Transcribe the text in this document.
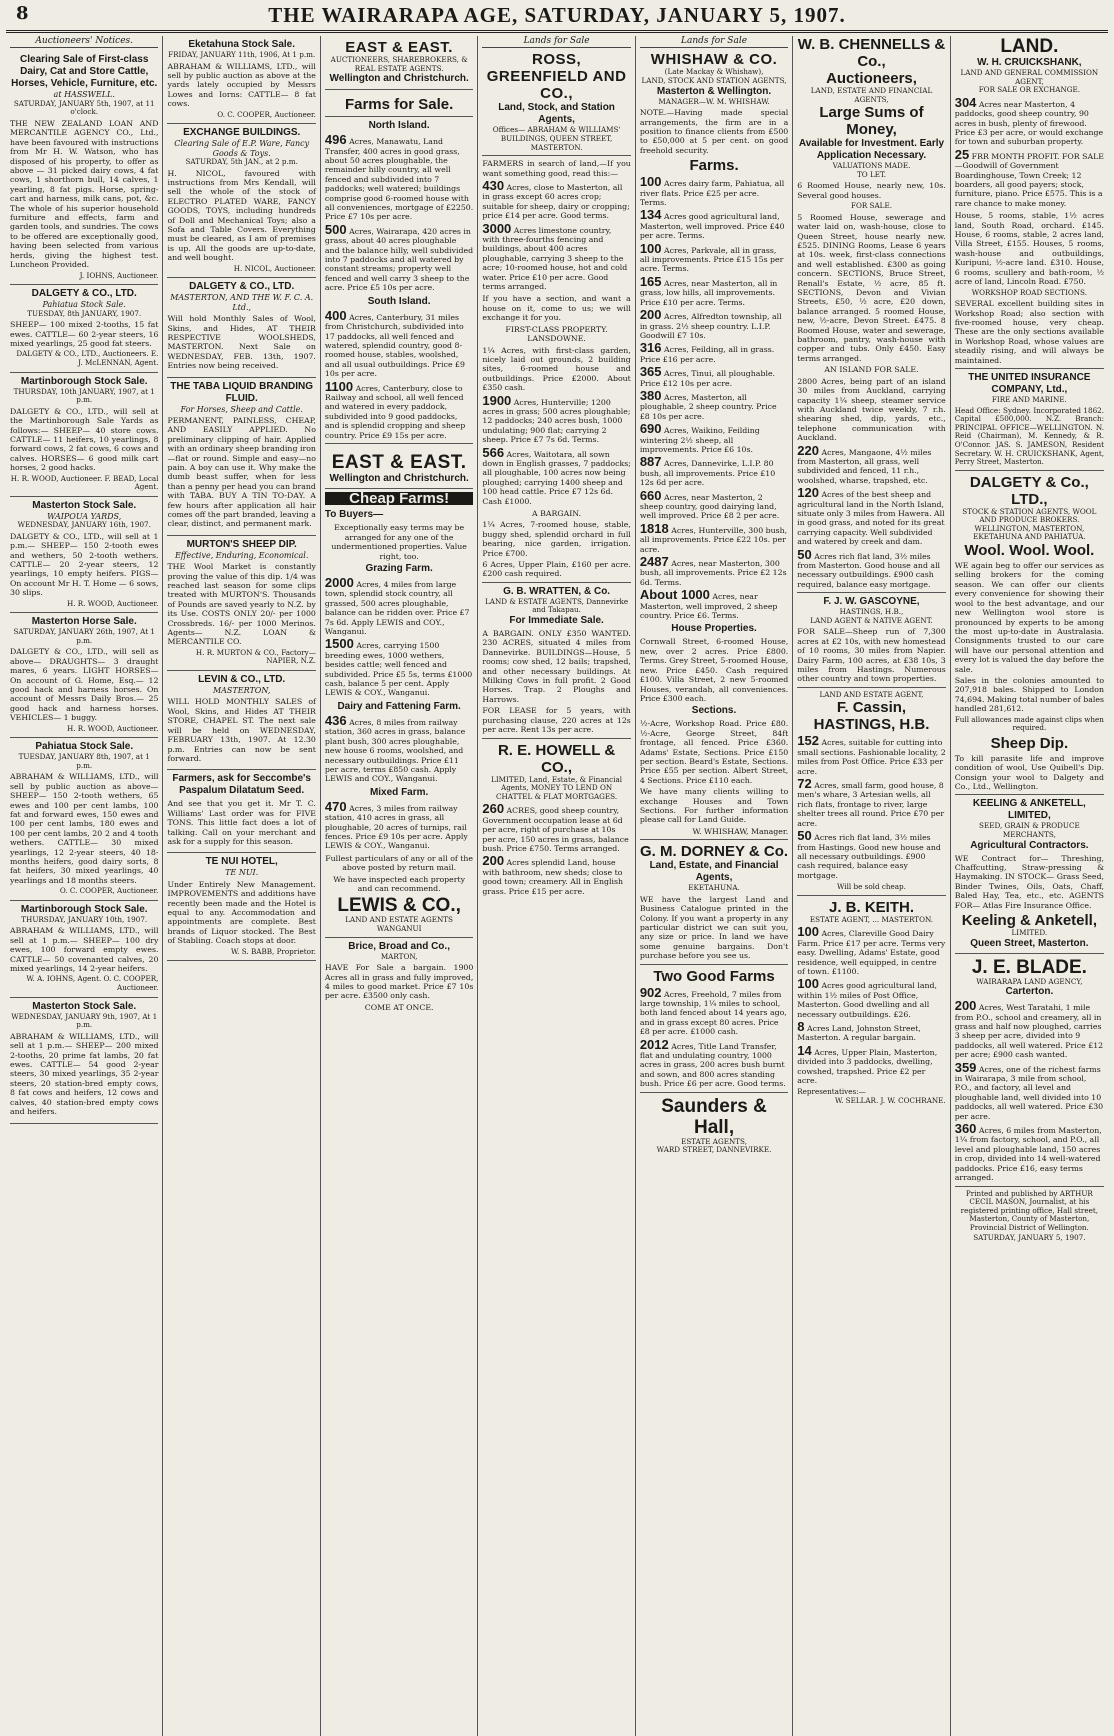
8	THE WAIRARAPA AGE, SATURDAY, JANUARY 5, 1907.
Auctioneers' Notices.
Clearing Sale of First-class Dairy, Cat and Store Cattle, Horses, Vehicle, Furniture, etc.
at HASSWELL.
SATURDAY, JANUARY 5th, 1907, at 11 o'clock.

THE NEW ZEALAND LOAN AND MERCANTILE AGENCY CO., Ltd., have been favoured with instructions from Mr H. W. Watson, who has disposed of his property, to offer as above — 31 picked dairy cows, 4 fat cows, 1 shorthorn bull, 14 calves, 1 yearling, 8 fat pigs. Horse, spring-cart and harness, milk cans, pot, &c. The whole of his superior household furniture and effects, farm and garden tools, and sundries. The cows to be offered are exceptionally good, having been selected from various herds, giving the highest test. Luncheon Provided.

J. IOHNS, Auctioneer.
DALGETY & CO., LTD.
Pahiatua Stock Sale.
TUESDAY, 8th JANUARY, 1907.

SHEEP— 100 mixed 2-tooths, 15 fat ewes. CATTLE— 60 2-year steers, 16 mixed yearlings, 25 good fat steers.

DALGETY & CO., LTD., Auctioneers. E. J. McLENNAN, Agent.
Martinborough Stock Sale.
THURSDAY, 10th JANUARY, 1907, at 1 p.m.

DALGETY & CO., LTD., will sell at the Martinborough Sale Yards as follows:— SHEEP— 40 store cows. CATTLE— 11 heifers, 10 yearlings, 8 forward cows, 2 fat cows, 6 cows and calves. HORSES— 6 good milk cart horses, 2 good hacks.

H. R. WOOD, Auctioneer. F. BEAD, Local Agent.
Masterton Stock Sale.
WAIPOUA YARDS,
WEDNESDAY, JANUARY 16th, 1907.

DALGETY & CO., LTD., will sell at 1 p.m.— SHEEP— 150 2-tooth ewes and wethers, 50 2-tooth wethers. CATTLE— 20 2-year steers, 12 yearlings, 10 empty heifers. PIGS— On account Mr H. T. Home — 6 sows, 30 slips.

H. R. WOOD, Auctioneer.
Masterton Horse Sale.
SATURDAY, JANUARY 26th, 1907, At 1 p.m.

DALGETY & CO., LTD., will sell as above— DRAUGHTS— 3 draught mares, 6 years. LIGHT HORSES— On account of G. Home, Esq.— 12 good hack and harness horses. On account of Messrs Daily Bros.— 25 good hack and harness horses. VEHICLES— 1 buggy.

H. R. WOOD, Auctioneer.
Pahiatua Stock Sale.
TUESDAY, JANUARY 8th, 1907, at 1 p.m.

ABRAHAM & WILLIAMS, LTD., will sell by public auction as above— SHEEP— 150 2-tooth wethers, 65 ewes and 100 per cent lambs, 100 fat and forward ewes, 150 ewes and 100 per cent lambs, 180 ewes and 100 per cent lambs, 20 2 and 4 tooth wethers. CATTLE— 30 mixed yearlings, 12 2-year steers, 40 18-months heifers, good dairy sorts, 8 fat heifers, 30 mixed yearlings, 40 yearlings and 18 months steers.

O. C. COOPER, Auctioneer.
Martinborough Stock Sale.
THURSDAY, JANUARY 10th, 1907.

ABRAHAM & WILLIAMS, LTD., will sell at 1 p.m.— SHEEP— 100 dry ewes, 100 forward empty ewes. CATTLE— 50 covenanted calves, 20 mixed yearlings, 14 2-year heifers.

W. A. IOHNS, Agent. O. C. COOPER, Auctioneer.
Masterton Stock Sale.
WEDNESDAY, JANUARY 9th, 1907, At 1 p.m.

ABRAHAM & WILLIAMS, LTD., will sell at 1 p.m.— SHEEP— 200 mixed 2-tooths, 20 prime fat lambs, 20 fat ewes. CATTLE— 54 good 2-year steers, 30 mixed yearlings, 35 2-year steers, 20 station-bred empty cows, 8 fat cows and heifers, 12 cows and calves, 40 station-bred empty cows and heifers.

Eketahuna Stock Sale.
FRIDAY, JANUARY 11th, 1906, At 1 p.m.

ABRAHAM & WILLIAMS, LTD., will sell by public auction as above at the yards lately occupied by Messrs Lowes and Iorns: CATTLE— 8 fat cows.

O. C. COOPER, Auctioneer.
EXCHANGE BUILDINGS.
Clearing Sale of E.P. Ware, Fancy Goods & Toys.
SATURDAY, 5th JAN., at 2 p.m.

H. NICOL, favoured with instructions from Mrs Kendall, will sell the whole of the stock of ELECTRO PLATED WARE, FANCY GOODS, TOYS, including hundreds of Doll and Mechanical Toys; also a Sofa and Table Covers. Everything must be cleared, as I am of premises is up. All the goods are up-to-date, and well bought.

H. NICOL, Auctioneer.
DALGETY & CO., LTD.
MASTERTON, AND THE W. F. C. A. Ltd.,

Will hold Monthly Sales of Wool, Skins, and Hides, AT THEIR RESPECTIVE WOOLSHEDS, MASTERTON. Next Sale on WEDNESDAY, FEB. 13th, 1907. Entries now being received.

THE TABA LIQUID BRANDING FLUID.
For Horses, Sheep and Cattle.

PERMANENT, PAINLESS, CHEAP, AND EASILY APPLIED. No preliminary clipping of hair. Applied with an ordinary sheep branding iron—flat or round. Simple and easy—no pain. A boy can use it. Why make the dumb beast suffer, when for less than a penny per head you can brand with TABA. BUY A TIN TO-DAY. A few hours after application all hair comes off the part branded, leaving a clear, distinct, and permanent mark.

MURTON'S SHEEP DIP.
Effective, Enduring, Economical.

THE Wool Market is constantly proving the value of this dip. 1/4 was reached last season for some clips treated with MURTON'S. Thousands of Pounds are saved yearly to N.Z. by its Use. COSTS ONLY 20/- per 1000 Crossbreds. 16/- per 1000 Merinos. Agents— N.Z. LOAN & MERCANTILE CO.

H. R. MURTON & CO., Factory—NAPIER, N.Z.
LEVIN & CO., LTD.
MASTERTON,

WILL HOLD MONTHLY SALES of Wool, Skins, and Hides AT THEIR STORE, CHAPEL ST. The next sale will be held on WEDNESDAY, FEBRUARY 13th, 1907. At 12.30 p.m. Entries can now be sent forward.

Farmers, ask for Seccombe's Paspalum Dilatatum Seed.

And see that you get it. Mr T. C. Williams' Last order was for FIVE TONS. This little fact does a lot of talking. Call on your merchant and ask for a supply for this season.

TE NUI HOTEL,
TE NUI.

Under Entirely New Management. IMPROVEMENTS and additions have recently been made and the Hotel is equal to any. Accommodation and appointments are complete. Best brands of Liquor stocked. The Best of Stabling. Coach stops at door.

W. S. BABB, Proprietor.
EAST & EAST.
AUCTIONEERS, SHAREBROKERS, & REAL ESTATE AGENTS.
Wellington and Christchurch.
Farms for Sale.
North Island.
496 Acres, Manawatu, Land Transfer, 400 acres in good grass, about 50 acres ploughable, the remainder hilly country, all well fenced and subdivided into 7 paddocks; well watered; buildings comprise good 6-roomed house with all conveniences, mortgage of £2250. Price £7 10s per acre.
500 Acres, Wairarapa, 420 acres in grass, about 40 acres ploughable and the balance hilly, well subdivided into 7 paddocks and all watered by constant streams; property well fenced and well carry 3 sheep to the acre. Price £5 10s per acre.
South Island.
400 Acres, Canterbury, 31 miles from Christchurch, subdivided into 17 paddocks, all well fenced and watered, splendid country, good 8-roomed house, stables, woolshed, and all usual outbuildings. Price £9 10s per acre.
1100 Acres, Canterbury, close to Railway and school, all well fenced and watered in every paddock, subdivided into 9 good paddocks, and is splendid cropping and sheep country. Price £9 15s per acre.
EAST & EAST.
Wellington and Christchurch.
Cheap Farms!
To Buyers—

Exceptionally easy terms may be arranged for any one of the undermentioned properties. Value right, too.

Grazing Farm.
2000 Acres, 4 miles from large town, splendid stock country, all grassed, 500 acres ploughable, balance can be ridden over. Price £7 7s 6d. Apply LEWIS and COY., Wanganui.
1500 Acres, carrying 1500 breeding ewes, 1000 wethers, besides cattle; well fenced and subdivided. Price £5 5s, terms £1000 cash, balance 5 per cent. Apply LEWIS & COY., Wanganui.
Dairy and Fattening Farm.
436 Acres, 8 miles from railway station, 360 acres in grass, balance plant bush, 300 acres ploughable, new house 6 rooms, woolshed, and necessary outbuildings. Price £11 per acre, terms £850 cash. Apply LEWIS and COY., Wanganui.
Mixed Farm.
470 Acres, 3 miles from railway station, 410 acres in grass, all ploughable, 20 acres of turnips, rail fences. Price £9 10s per acre. Apply LEWIS & COY., Wanganui.

Fullest particulars of any or all of the above posted by return mail.

We have inspected each property and can recommend.

LEWIS & CO.,
LAND AND ESTATE AGENTS WANGANUI
Brice, Broad and Co.,
MARTON,

HAVE For Sale a bargain. 1900 Acres all in grass and fully improved, 4 miles to good market. Price £7 10s per acre. £3500 only cash.

COME AT ONCE.
Lands for Sale
ROSS, GREENFIELD AND CO.,
Land, Stock, and Station Agents,
Offices— ABRAHAM & WILLIAMS' BUILDINGS, QUEEN STREET, MASTERTON.

FARMERS in search of land,—If you want something good, read this:—

430 Acres, close to Masterton, all in grass except 60 acres crop; suitable for sheep, dairy or cropping; price £14 per acre. Good terms.
3000 Acres limestone country, with three-fourths fencing and buildings, about 400 acres ploughable, carrying 3 sheep to the acre; 10-roomed house, hot and cold water. Price £10 per acre. Good terms arranged.

If you have a section, and want a house on it, come to us; we will exchange it for you.

FIRST-CLASS PROPERTY.
LANSDOWNE.

1¼ Acres, with first-class garden, nicely laid out grounds, 2 building sites, 6-roomed house and outbuildings. Price £2000. About £350 cash.

1900 Acres, Hunterville; 1200 acres in grass; 500 acres ploughable; 12 paddocks; 240 acres bush, 1000 undulating; 900 flat; carrying 2 sheep. Price £7 7s 6d. Terms.
566 Acres, Waitotara, all sown down in English grasses, 7 paddocks; all ploughable, 100 acres now being ploughed; carrying 1400 sheep and 100 head cattle. Price £7 12s 6d. Cash £1000.
A BARGAIN.

1¼ Acres, 7-roomed house, stable, buggy shed, splendid orchard in full bearing, nice garden, irrigation. Price £700.

6 Acres, Upper Plain, £160 per acre. £200 cash required.

G. B. WRATTEN, & Co.
LAND & ESTATE AGENTS, Dannevirke and Takapau.
For Immediate Sale.

A BARGAIN. ONLY £350 WANTED. 230 ACRES, situated 4 miles from Dannevirke. BUILDINGS—House, 5 rooms; cow shed, 12 bails; trapshed, and other necessary buildings. At Milking Cows in full profit. 2 Good Horses. Trap. 2 Ploughs and Harrows.

FOR LEASE for 5 years, with purchasing clause, 220 acres at 12s per acre. Rent 13s per acre.

R. E. HOWELL & CO.,
LIMITED, Land, Estate, & Financial Agents, MONEY TO LEND ON CHATTEL & FLAT MORTGAGES.
260 ACRES, good sheep country, Government occupation lease at 6d per acre, right of purchase at 10s per acre, 150 acres in grass, balance bush. Price £750. Terms arranged.
200 Acres splendid Land, house with bathroom, new sheds; close to good town; creamery. All in English grass. Price £15 per acre.
Lands for Sale
WHISHAW & CO.
(Late Mackay & Whishaw),
LAND, STOCK AND STATION AGENTS,
Masterton & Wellington.
MANAGER—W. M. WHISHAW.

NOTE.—Having made special arrangements, the firm are in a position to finance clients from £500 to £50,000 at 5 per cent. on good freehold security.

Farms.
100 Acres dairy farm, Pahiatua, all river flats. Price £25 per acre. Terms.
134 Acres good agricultural land, Masterton, well improved. Price £40 per acre. Terms.
100 Acres, Parkvale, all in grass, all improvements. Price £15 15s per acre. Terms.
165 Acres, near Masterton, all in grass, low hills, all improvements. Price £10 per acre. Terms.
200 Acres, Alfredton township, all in grass. 2½ sheep country. L.I.P. Goodwill £7 10s.
316 Acres, Feilding, all in grass. Price £16 per acre.
365 Acres, Tinui, all ploughable. Price £12 10s per acre.
380 Acres, Masterton, all ploughable, 2 sheep country. Price £8 10s per acre.
690 Acres, Waikino, Feilding wintering 2½ sheep, all improvements. Price £6 10s.
887 Acres, Dannevirke, L.I.P. 80 bush, all improvements. Price £10 12s 6d per acre.
660 Acres, near Masterton, 2 sheep country, good dairying land, well improved. Price £8 2 per acre.
1818 Acres, Hunterville, 300 bush, all improvements. Price £22 10s. per acre.
2487 Acres, near Masterton, 300 bush, all improvements. Price £2 12s 6d. Terms.
About 1000 Acres, near Masterton, well improved, 2 sheep country. Price £6. Terms.
House Properties.

Cornwall Street, 6-roomed House, new, over 2 acres. Price £800. Terms. Grey Street, 5-roomed House, new. Price £450. Cash required £100. Villa Street, 2 new 5-roomed Houses, verandah, all conveniences. Price £300 each.

Sections.

½-Acre, Workshop Road. Price £80. ½-Acre, George Street, 84ft frontage, all fenced. Price £360. Adams' Estate, Sections. Price £150 per section. Beard's Estate, Sections. Price £55 per section. Albert Street, 4 Sections. Price £110 each.

We have many clients willing to exchange Houses and Town Sections. For further information please call for Land Guide.

W. WHISHAW, Manager.
G. M. DORNEY & Co.
Land, Estate, and Financial Agents,
EKETAHUNA.

WE have the largest Land and Business Catalogue printed in the Colony. If you want a property in any particular district we can suit you, any size or price. In land we have some genuine bargains. Don't purchase before you see us.

Two Good Farms
902 Acres, Freehold, 7 miles from large township, 1¼ miles to school, both land fenced about 14 years ago, and in grass except 80 acres. Price £8 per acre. £1000 cash.
2012 Acres, Title Land Transfer, flat and undulating country, 1000 acres in grass, 200 acres bush burnt and sown, and 800 acres standing bush. Price £6 per acre. Good terms.
Saunders & Hall,
ESTATE AGENTS,
WARD STREET, DANNEVIRKE.
W. B. CHENNELLS & Co.,
Auctioneers,
LAND, ESTATE AND FINANCIAL AGENTS,
Large Sums of Money,
Available for Investment. Early Application Necessary.
VALUATIONS MADE.
TO LET.

6 Roomed House, nearly new, 10s. Several good houses.

FOR SALE.

5 Roomed House, sewerage and water laid on, wash-house, close to Queen Street, house nearly new. £525. DINING Rooms, Lease 6 years at 10s. week, first-class connections and well established. £300 as going concern. SECTIONS, Bruce Street, Renall's Estate, ½ acre, 85 ft. SECTIONS, Devon and Vivian Streets, £50, ½ acre, £20 down, balance arranged. 5 roomed House, new, ½-acre, Devon Street. £475. 8 Roomed House, water and sewerage, bathroom, pantry, wash-house with copper and tubs. Only £450. Easy terms arranged.

AN ISLAND FOR SALE.

2800 Acres, being part of an island 30 miles from Auckland, carrying capacity 1¼ sheep, steamer service with Auckland twice weekly, 7 r.h. shearing shed, dip, yards, etc., telephone communication with Auckland.

220 Acres, Mangaone, 4½ miles from Masterton, all grass, well subdivided and fenced, 11 r.h., woolshed, wharse, trapshed, etc.
120 Acres of the best sheep and agricultural land in the North Island, situate only 3 miles from Hawera. All in good grass, and noted for its great carrying capacity. Well subdivided and watered by creek and dam.
50 Acres rich flat land, 3½ miles from Masterton. Good house and all necessary outbuildings. £900 cash required, balance easy mortgage.
F. J. W. GASCOYNE,
HASTINGS, H.B.,
LAND AGENT & NATIVE AGENT.

FOR SALE—Sheep run of 7,300 acres at £2 10s, with new homestead of 10 rooms, 30 miles from Napier. Dairy Farm, 100 acres, at £38 10s, 3 miles from Hastings. Numerous other country and town properties.

LAND AND ESTATE AGENT,
F. Cassin,
HASTINGS, H.B.
152 Acres, suitable for cutting into small sections. Fashionable locality, 2 miles from Post Office. Price £33 per acre.
72 Acres, small farm, good house, 8 men's whare, 3 Artesian wells, all rich flats, frontage to river, large shelter trees all round. Price £70 per acre.
50 Acres rich flat land, 3½ miles from Hastings. Good new house and all necessary outbuildings. £900 cash required, balance easy mortgage.
Will be sold cheap.
J. B. KEITH.
ESTATE AGENT, ... MASTERTON.
100 Acres, Clareville Good Dairy Farm. Price £17 per acre. Terms very easy. Dwelling, Adams' Estate, good residence, well equipped, in centre of town. £1100.
100 Acres good agricultural land, within 1½ miles of Post Office, Masterton. Good dwelling and all necessary outbuildings. £26.
8 Acres Land, Johnston Street, Masterton. A regular bargain.
14 Acres, Upper Plain, Masterton, divided into 3 paddocks, dwelling, cowshed, trapshed. Price £2 per acre.
Representatives:—
W. SELLAR. J. W. COCHRANE.
LAND.
W. H. CRUICKSHANK,
LAND AND GENERAL COMMISSION AGENT,
FOR SALE OR EXCHANGE.
304 Acres near Masterton, 4 paddocks, good sheep country, 90 acres in bush, plenty of firewood. Price £3 per acre, or would exchange for town and suburban property.
25 FRR MONTH PROFIT. FOR SALE—Goodwill of Government Boardinghouse, Town Creek; 12 boarders, all good payers; stock, furniture, piano. Price £575. This is a rare chance to make money.

House, 5 rooms, stable, 1½ acres land, South Road, orchard. £145. House, 6 rooms, stable, 2 acres land, Villa Street, £155. Houses, 5 rooms, wash-house and outbuildings, Kuripuni, ½-acre land. £310. House, 6 rooms, scullery and bath-room, ½ acre of land, Lincoln Road. £750.

WORKSHOP ROAD SECTIONS.

SEVERAL excellent building sites in Workshop Road; also section with five-roomed house, very cheap. These are the only sections available in Workshop Road, whose values are steadily rising, and will always be maintained.

THE UNITED INSURANCE COMPANY, Ltd.,
FIRE AND MARINE.

Head Office: Sydney. Incorporated 1862. Capital £500,000. N.Z. Branch: PRINCIPAL OFFICE—WELLINGTON. N. Reid (Chairman), M. Kennedy, & R. O'Connor. JAS. S. JAMESON, Resident Secretary. W. H. CRUICKSHANK, Agent, Perry Street, Masterton.

DALGETY & Co., LTD.,
STOCK & STATION AGENTS, WOOL AND PRODUCE BROKERS.
WELLINGTON, MASTERTON, EKETAHUNA AND PAHIATUA.
Wool. Wool. Wool.

WE again beg to offer our services as selling brokers for the coming season. We can offer our clients every convenience for showing their wool to the best advantage, and our new Wellington wool store is pronounced by experts to be among the most up-to-date in Australasia. Consignments trusted to our care will have our personal attention and every lot is valued the day before the sale.

Sales in the colonies amounted to 207,918 bales. Shipped to London 74,694. Making total number of bales handled 281,612.

Full allowances made against clips when required.

Sheep Dip.

To kill parasite life and improve condition of wool, Use Quibell's Dip. Consign your wool to Dalgety and Co., Ltd., Wellington.

KEELING & ANKETELL, LIMITED,
SEED, GRAIN & PRODUCE MERCHANTS,
Agricultural Contractors.

WE Contract for— Threshing, Chaffcutting, Straw-pressing & Haymaking. IN STOCK— Grass Seed, Binder Twines, Oils, Oats, Chaff, Baled Hay, Tea, etc., etc. AGENTS FOR— Atlas Fire Insurance Office.

Keeling & Anketell,
LIMITED.
Queen Street, Masterton.
J. E. BLADE.
WAIRARAPA LAND AGENCY,
Carterton.
200 Acres, West Taratahi, 1 mile from P.O., school and creamery, all in grass and half now ploughed, carries 3 sheep per acre, divided into 9 paddocks, all well watered. Price £12 per acre; £900 cash wanted.
359 Acres, one of the richest farms in Wairarapa, 3 mile from school, P.O., and factory, all level and ploughable land, well divided into 10 paddocks, all well watered. Price £30 per acre.
360 Acres, 6 miles from Masterton, 1¼ from factory, school, and P.O., all level and ploughable land, 150 acres in crop, divided into 14 well-watered paddocks. Price £16, easy terms arranged.

Printed and published by ARTHUR CECIL MASON, Journalist, at his registered printing office, Hall street, Masterton, County of Masterton, Provincial District of Wellington.

SATURDAY, JANUARY 5, 1907.
